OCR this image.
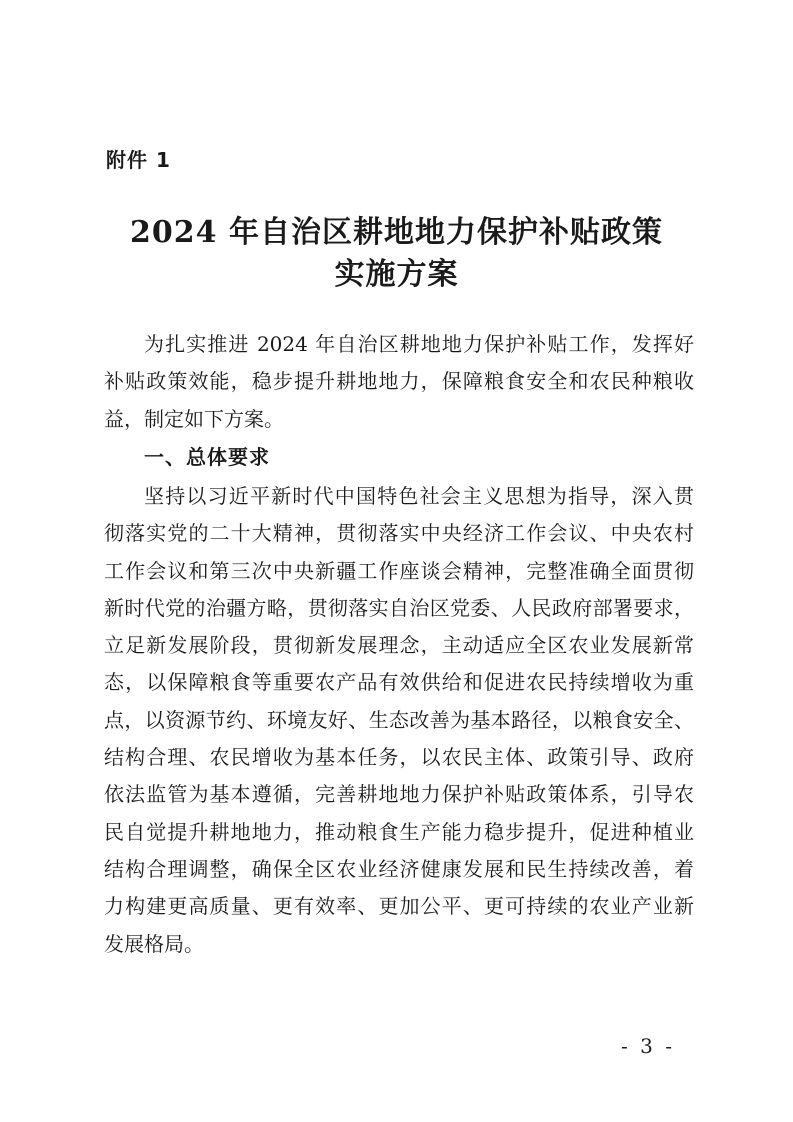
附件 1
2024 年自治区耕地地力保护补贴政策
实施方案
为扎实推进 2024 年自治区耕地地力保护补贴工作，发挥好
补贴政策效能，稳步提升耕地地力，保障粮食安全和农民种粮收
益，制定如下方案。
一、总体要求
坚持以习近平新时代中国特色社会主义思想为指导，深入贯
彻落实党的二十大精神，贯彻落实中央经济工作会议、中央农村
工作会议和第三次中央新疆工作座谈会精神，完整准确全面贯彻
新时代党的治疆方略，贯彻落实自治区党委、人民政府部署要求，
立足新发展阶段，贯彻新发展理念，主动适应全区农业发展新常
态，以保障粮食等重要农产品有效供给和促进农民持续增收为重
点，以资源节约、环境友好、生态改善为基本路径，以粮食安全、
结构合理、农民增收为基本任务，以农民主体、政策引导、政府
依法监管为基本遵循，完善耕地地力保护补贴政策体系，引导农
民自觉提升耕地地力，推动粮食生产能力稳步提升，促进种植业
结构合理调整，确保全区农业经济健康发展和民生持续改善，着
力构建更高质量、更有效率、更加公平、更可持续的农业产业新
发展格局。
- 3 -
